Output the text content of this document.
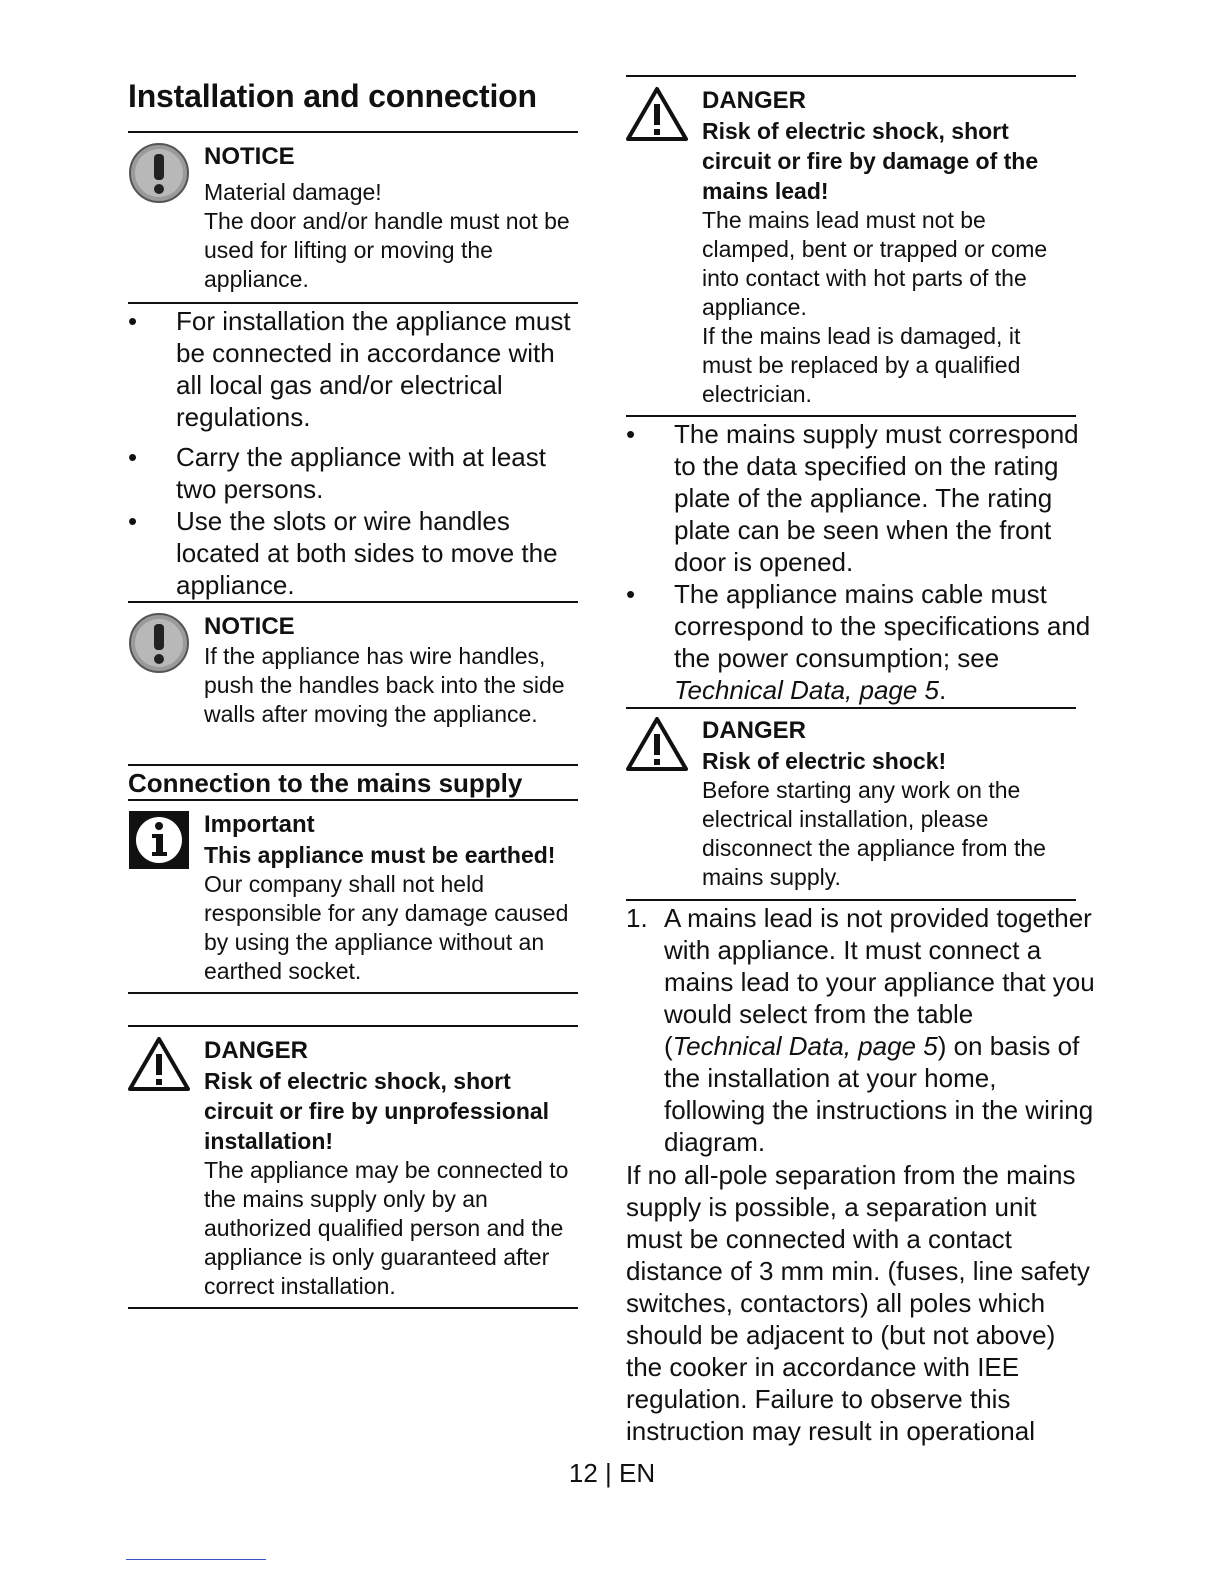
Installation and connection

NOTICE

Material damage!

The door and/or handle must not be used for lifting or moving the appliance.

• For installation the appliance must be connected in accordance with all local gas and/or electrical regulations.
• Carry the appliance with at least two persons.
• Use the slots or wire handles located at both sides to move the appliance.

NOTICE

If the appliance has wire handles, push the handles back into the side walls after moving the appliance.

Connection to the mains supply

Important

This appliance must be earthed!

Our company shall not held responsible for any damage caused by using the appliance without an earthed socket.

DANGER

Risk of electric shock, short circuit or fire by unprofessional installation!

The appliance may be connected to the mains supply only by an authorized qualified person and the appliance is only guaranteed after correct installation.

DANGER

Risk of electric shock, short circuit or fire by damage of the mains lead!

The mains lead must not be clamped, bent or trapped or come into contact with hot parts of the appliance.

If the mains lead is damaged, it must be replaced by a qualified electrician.

• The mains supply must correspond to the data specified on the rating plate of the appliance. The rating plate can be seen when the front door is opened.
• The appliance mains cable must correspond to the specifications and the power consumption; see Technical Data, page 5.

DANGER

Risk of electric shock!

Before starting any work on the electrical installation, please disconnect the appliance from the mains supply.

1. A mains lead is not provided together with appliance. It must connect a mains lead to your appliance that you would select from the table (Technical Data, page 5) on basis of the installation at your home, following the instructions in the wiring diagram.

If no all-pole separation from the mains supply is possible, a separation unit must be connected with a contact distance of 3 mm min. (fuses, line safety switches, contactors) all poles which should be adjacent to (but not above) the cooker in accordance with IEE regulation. Failure to observe this instruction may result in operational

12 | EN
